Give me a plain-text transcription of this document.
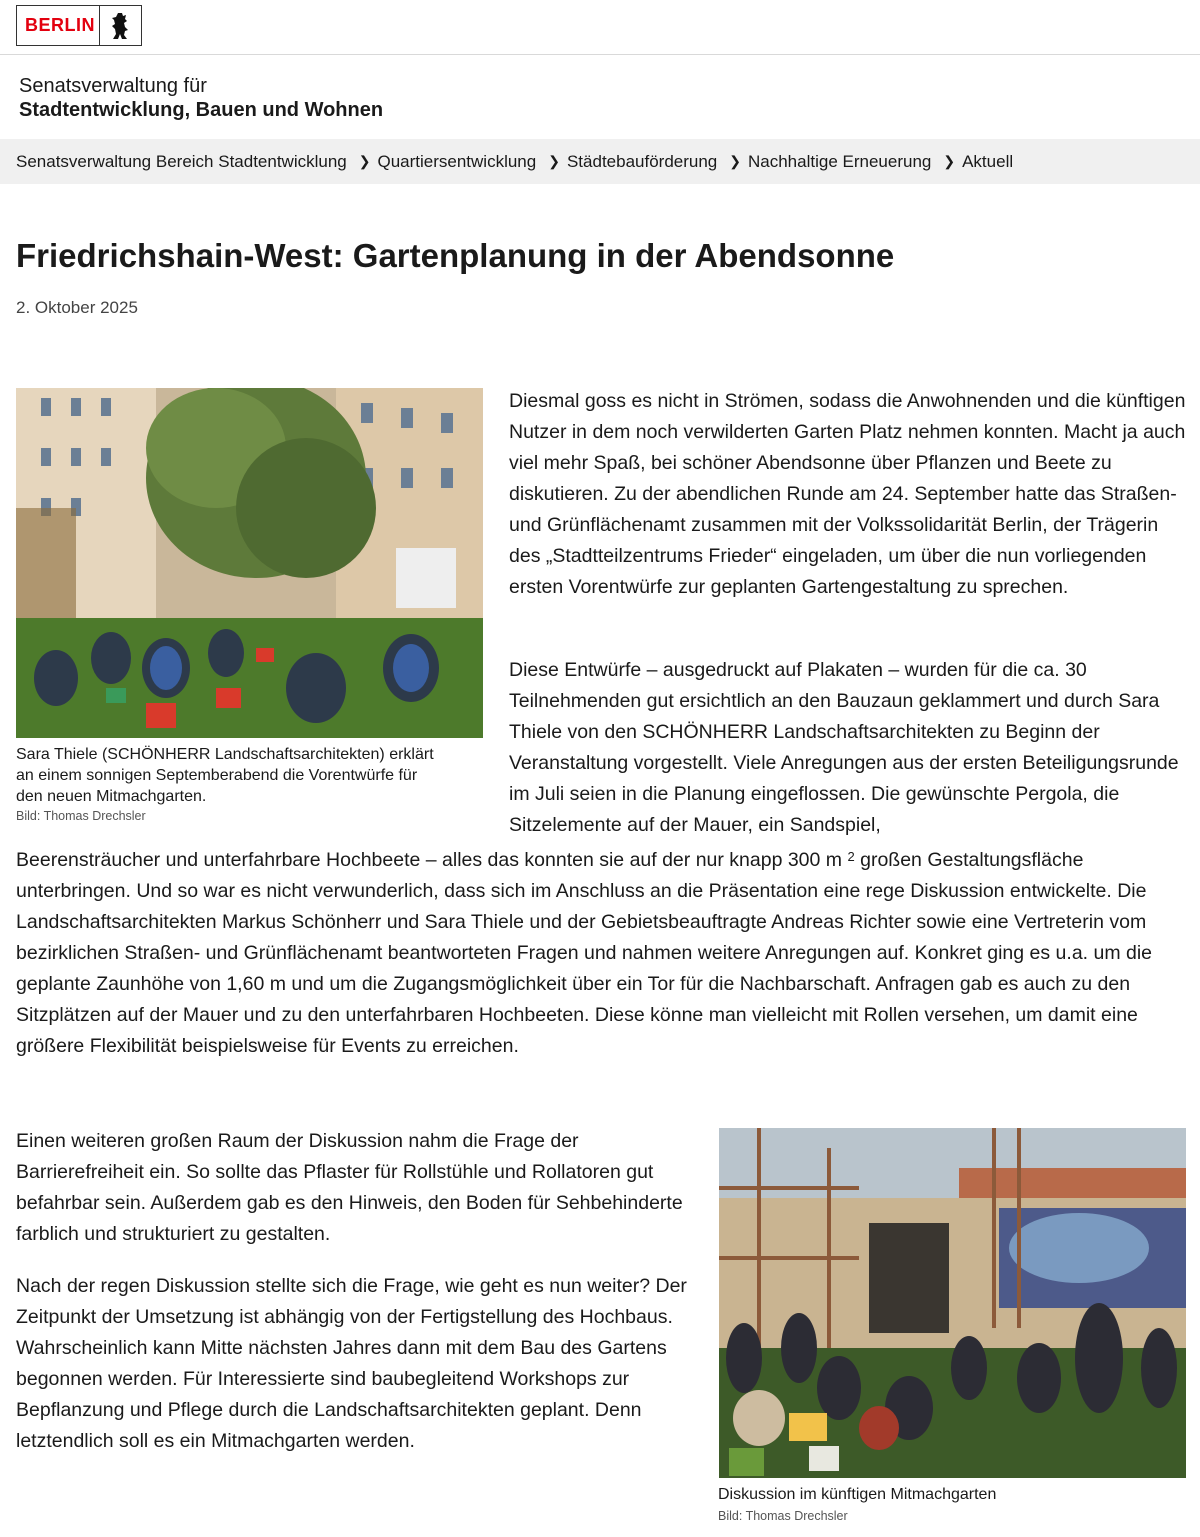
BERLIN
Senatsverwaltung für
Stadtentwicklung, Bauen und Wohnen
Senatsverwaltung Bereich Stadtentwicklung ❯ Quartiersentwicklung ❯ Städtebauförderung ❯ Nachhaltige Erneuerung ❯ Aktuell
Friedrichshain-West: Gartenplanung in der Abendsonne
2. Oktober 2025
Sara Thiele (SCHÖNHERR Landschaftsarchitekten) erklärt an einem sonnigen Septemberabend die Vorentwürfe für den neuen Mitmachgarten.
Bild: Thomas Drechsler

Diesmal goss es nicht in Strömen, sodass die Anwohnenden und die künftigen Nutzer in dem noch verwilderten Garten Platz nehmen konnten. Macht ja auch viel mehr Spaß, bei schöner Abendsonne über Pflanzen und Beete zu diskutieren. Zu der abendlichen Runde am 24. September hatte das Straßen- und Grünflächenamt zusammen mit der Volkssolidarität Berlin, der Trägerin des „Stadtteilzentrums Frieder“ eingeladen, um über die nun vorliegenden ersten Vorentwürfe zur geplanten Gartengestaltung zu sprechen.

Diese Entwürfe – ausgedruckt auf Plakaten – wurden für die ca. 30 Teilnehmenden gut ersichtlich an den Bauzaun geklammert und durch Sara Thiele von den SCHÖNHERR Landschaftsarchitekten zu Beginn der Veranstaltung vorgestellt. Viele Anregungen aus der ersten Beteiligungsrunde im Juli seien in die Planung eingeflossen. Die gewünschte Pergola, die Sitzelemente auf der Mauer, ein Sandspiel,

Beerensträucher und unterfahrbare Hochbeete – alles das konnten sie auf der nur knapp 300 m $^2$ großen Gestaltungsfläche unterbringen. Und so war es nicht verwunderlich, dass sich im Anschluss an die Präsentation eine rege Diskussion entwickelte. Die Landschaftsarchitekten Markus Schönherr und Sara Thiele und der Gebietsbeauftragte Andreas Richter sowie eine Vertreterin vom bezirklichen Straßen- und Grünflächenamt beantworteten Fragen und nahmen weitere Anregungen auf. Konkret ging es u.a. um die geplante Zaunhöhe von 1,60 m und um die Zugangsmöglichkeit über ein Tor für die Nachbarschaft. Anfragen gab es auch zu den Sitzplätzen auf der Mauer und zu den unterfahrbaren Hochbeeten. Diese könne man vielleicht mit Rollen versehen, um damit eine größere Flexibilität beispielsweise für Events zu erreichen.

Einen weiteren großen Raum der Diskussion nahm die Frage der Barrierefreiheit ein. So sollte das Pflaster für Rollstühle und Rollatoren gut befahrbar sein. Außerdem gab es den Hinweis, den Boden für Sehbehinderte farblich und strukturiert zu gestalten.

Nach der regen Diskussion stellte sich die Frage, wie geht es nun weiter? Der Zeitpunkt der Umsetzung ist abhängig von der Fertigstellung des Hochbaus. Wahrscheinlich kann Mitte nächsten Jahres dann mit dem Bau des Gartens begonnen werden. Für Interessierte sind baubegleitend Workshops zur Bepflanzung und Pflege durch die Landschaftsarchitekten geplant. Denn letztendlich soll es ein Mitmachgarten werden.

Diskussion im künftigen Mitmachgarten
Bild: Thomas Drechsler
